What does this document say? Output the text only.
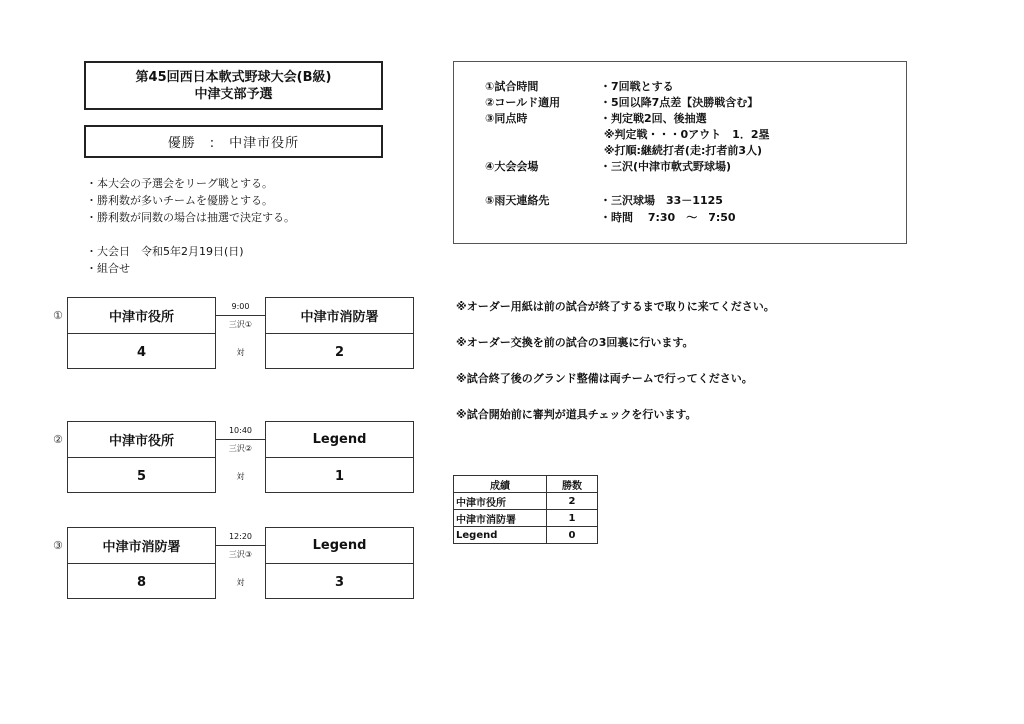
第45回西日本軟式野球大会(B級)
中津支部予選
優勝　:　中津市役所
・本大会の予選会をリーグ戦とする。
・勝利数が多いチームを優勝とする。
・勝利数が同数の場合は抽選で決定する。

・大会日　令和5年2月19日(日)
・組合せ
①試合時間	・7回戦とする
②コールド適用	・5回以降7点差【決勝戦含む】
③同点時	・判定戦2回、後抽選
※判定戦・・・0アウト　1．2塁
※打順:継続打者(走:打者前3人)
④大会会場	・三沢(中津市軟式野球場)
⑤雨天連絡先	・三沢球場　33－1125
・時間　 7:30　～　7:50
①	中津市役所
4
9:00
三沢①
対
中津市消防署
2
②	中津市役所
5
10:40
三沢②
対
Legend
1
③	中津市消防署
8
12:20
三沢③
対
Legend
3
※オーダー用紙は前の試合が終了するまで取りに来てください。
※オーダー交換を前の試合の3回裏に行います。
※試合終了後のグランド整備は両チームで行ってください。
※試合開始前に審判が道具チェックを行います。
成績	勝数
中津市役所	2
中津市消防署	1
Legend	0
